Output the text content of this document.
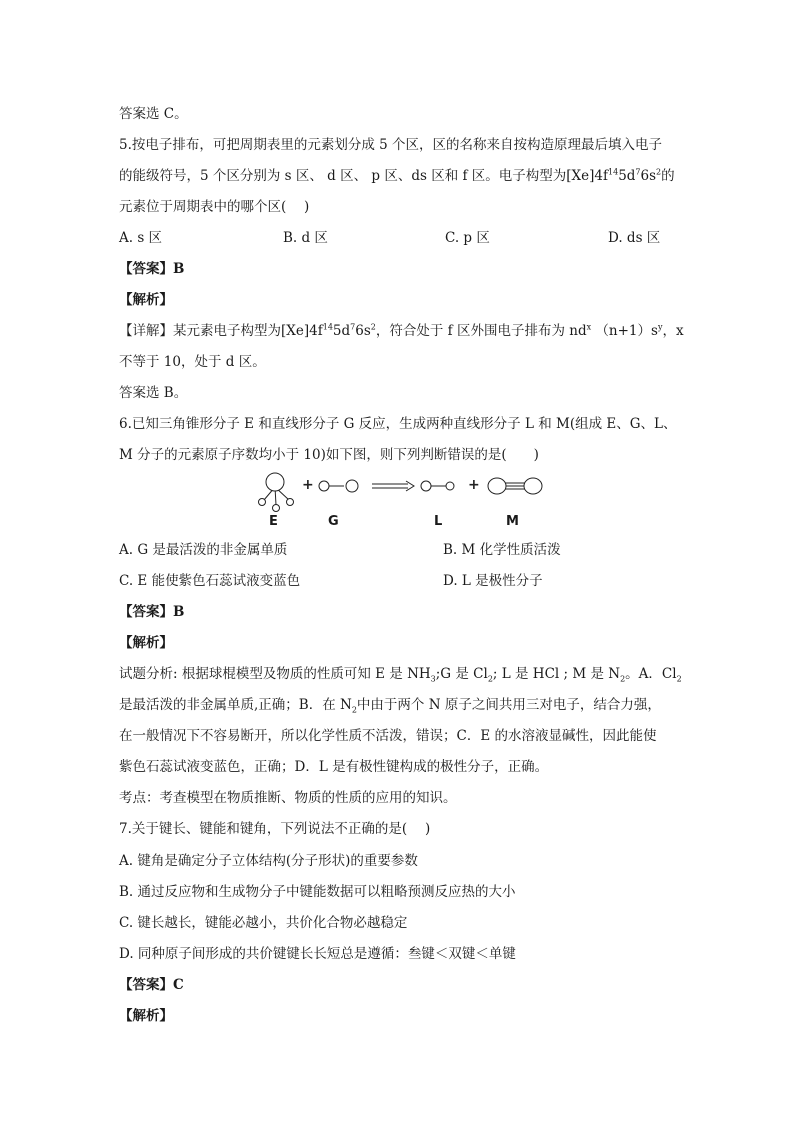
答案选 C。
5.按电子排布，可把周期表里的元素划分成 5 个区，区的名称来自按构造原理最后填入电子
的能级符号，5 个区分别为 s 区、 d 区、 p 区、ds 区和 f 区。电子构型为$[Xe]4f^{14}5d^76s^2$的
元素位于周期表中的哪个区(　 )
A. s 区	B. d 区	C. p 区	D. ds 区
【答案】B
【解析】
【详解】某元素电子构型为$[Xe]4f^{14}5d^76s^2$，符合处于 f 区外围电子排布为 $nd^x$ $(n+1)s^y$，x
不等于 10，处于 d 区。
答案选 B。
6.已知三角锥形分子 E 和直线形分子 G 反应，生成两种直线形分子 L 和 M(组成 E、G、L、
M 分子的元素原子序数均小于 10)如下图，则下列判断错误的是(　　)
+	+
E	G	L	M
A. G 是最活泼的非金属单质	B. M 化学性质活泼
C. E 能使紫色石蕊试液变蓝色	D. L 是极性分子
【答案】B
【解析】
试题分析: 根据球棍模型及物质的性质可知 E 是 $NH_3;G$ 是 $Cl_2$; L 是 HCl ; M 是 $N_2$。A．$Cl_2$
是最活泼的非金属单质,正确；B．在 $N_2$中由于两个 N 原子之间共用三对电子，结合力强，
在一般情况下不容易断开，所以化学性质不活泼，错误；C．E 的水溶液显碱性，因此能使
紫色石蕊试液变蓝色，正确；D．L 是有极性键构成的极性分子，正确。
考点：考查模型在物质推断、物质的性质的应用的知识。
7.关于键长、键能和键角，下列说法不正确的是(　 )
A. 键角是确定分子立体结构(分子形状)的重要参数
B. 通过反应物和生成物分子中键能数据可以粗略预测反应热的大小
C. 键长越长，键能必越小，共价化合物必越稳定
D. 同种原子间形成的共价键键长长短总是遵循：叁键＜双键＜单键
【答案】C
【解析】
